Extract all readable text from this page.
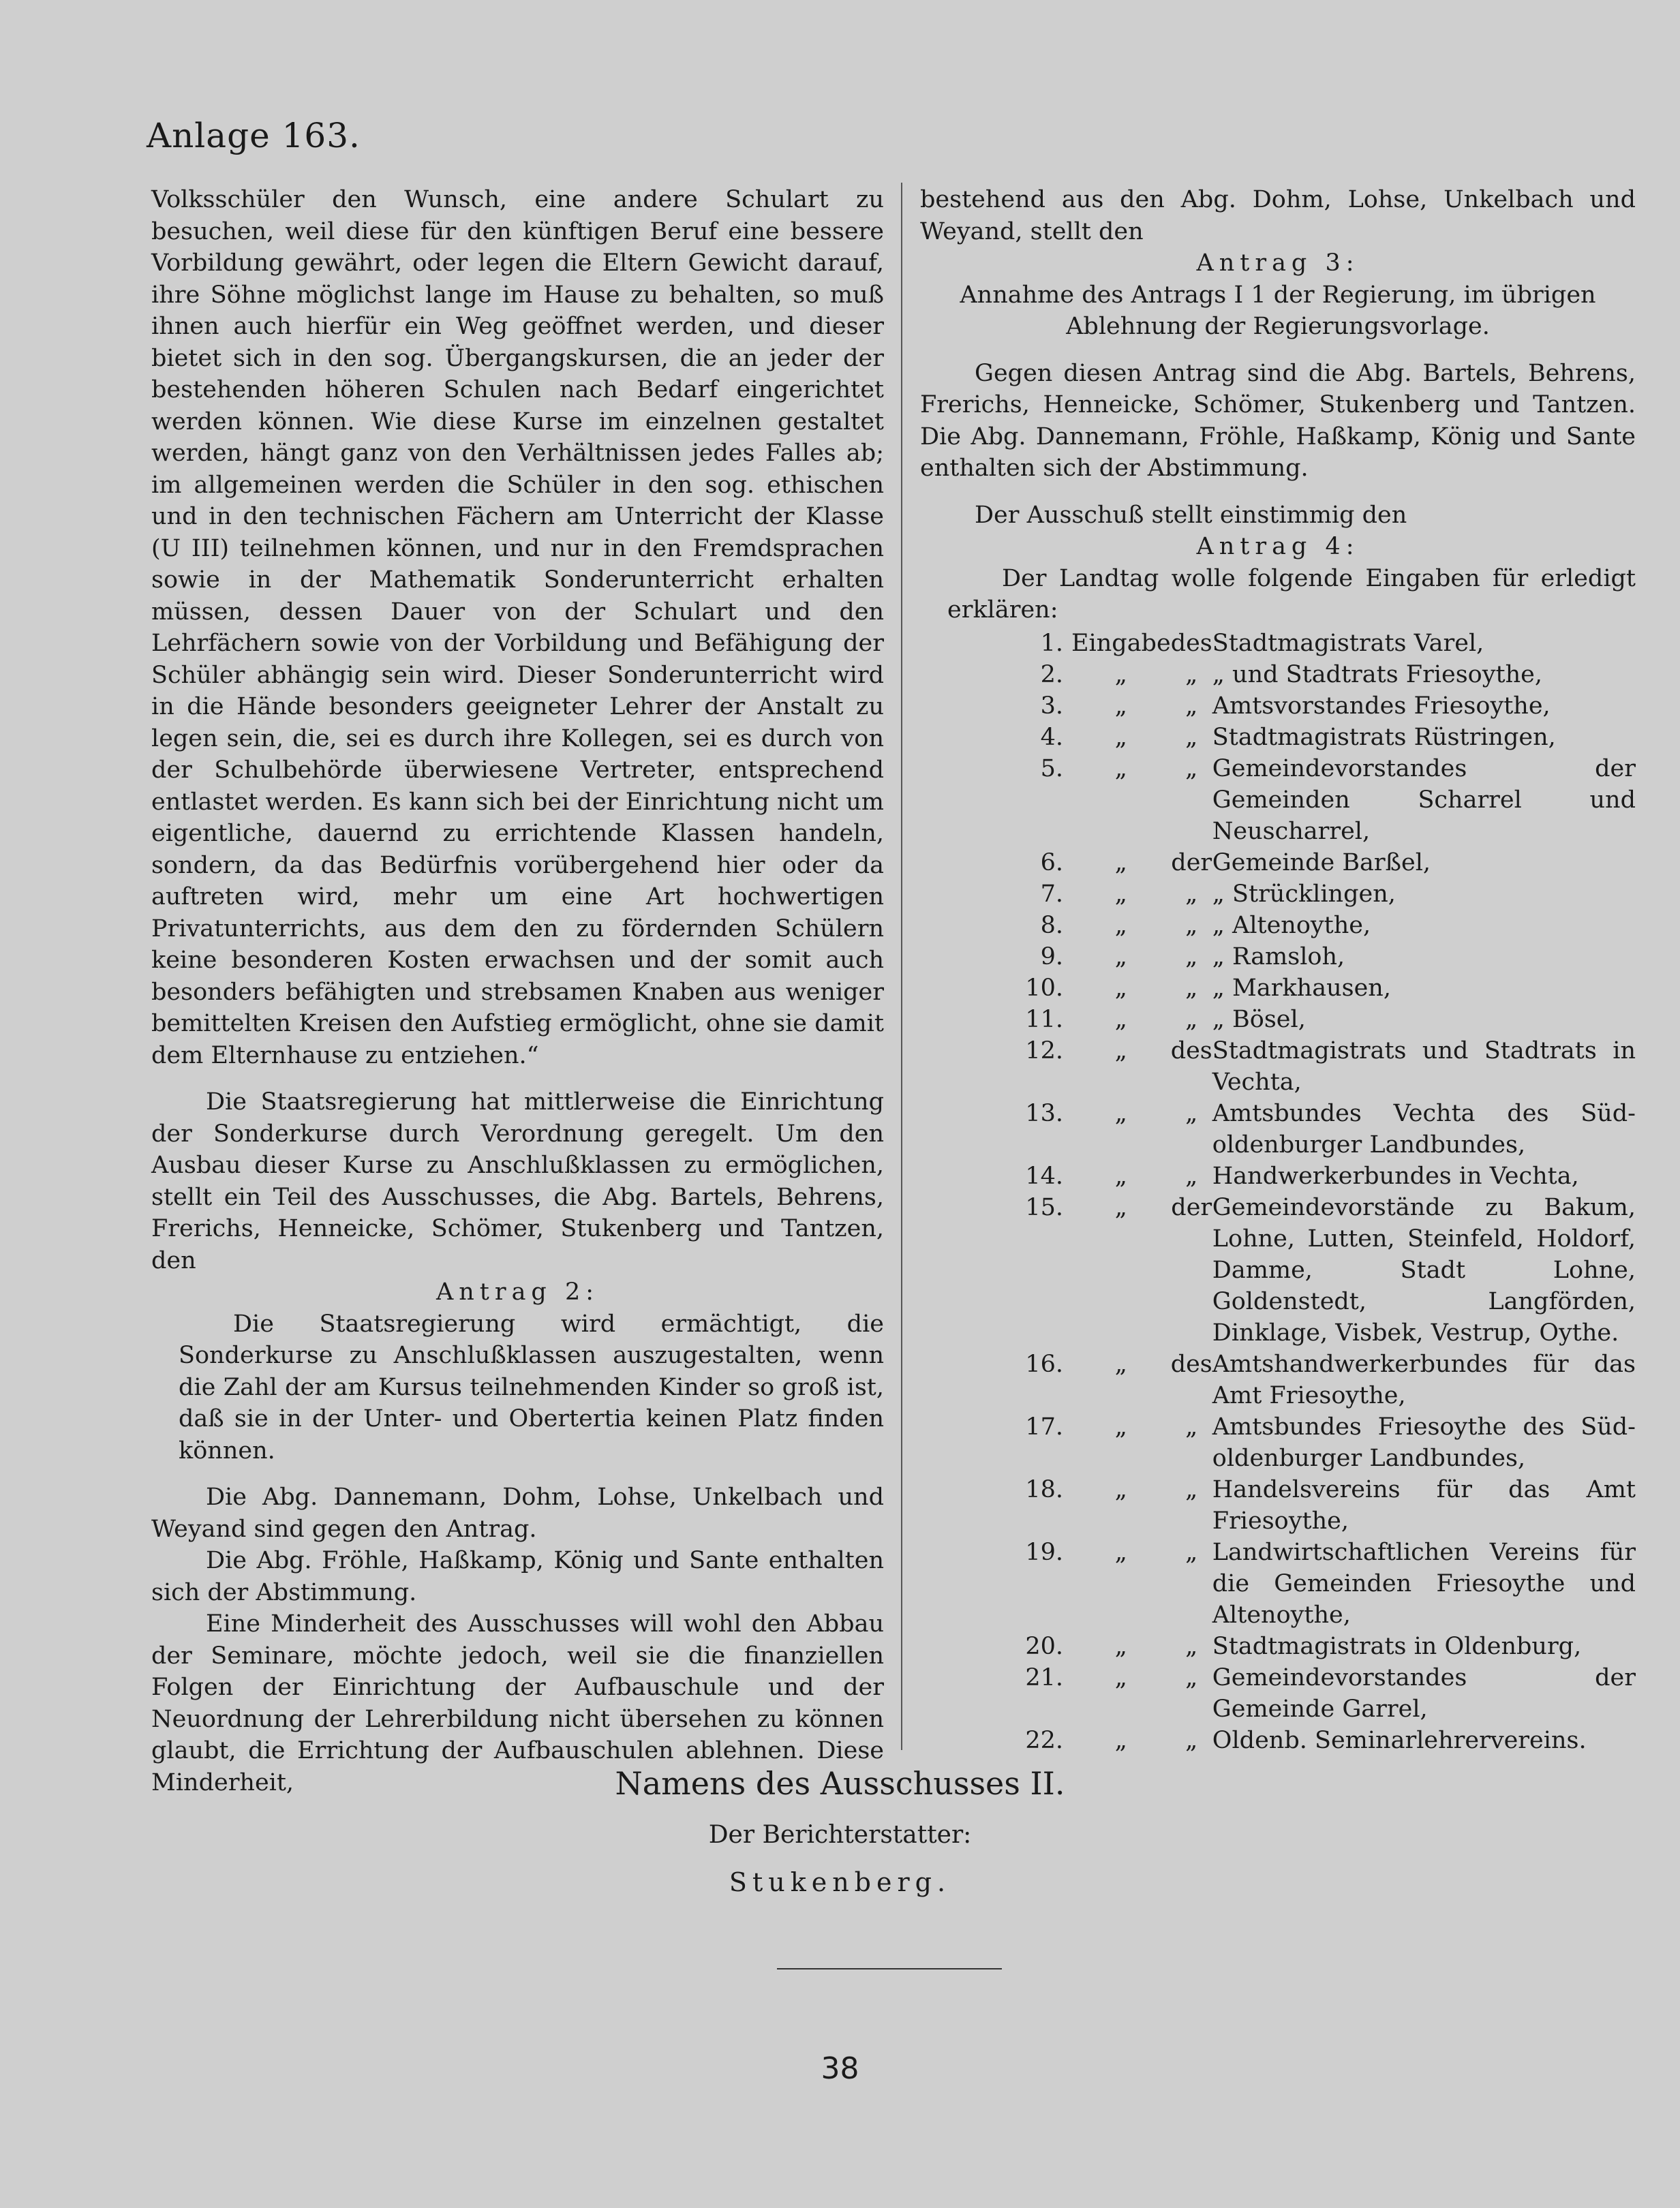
Anlage 163.

Volksschüler den Wunsch, eine andere Schulart zu besuchen, weil diese für den künftigen Beruf eine bessere Vorbildung gewährt, oder legen die Eltern Gewicht darauf, ihre Söhne möglichst lange im Hause zu behalten, so muß ihnen auch hierfür ein Weg geöffnet werden, und dieser bietet sich in den sog. Übergangskursen, die an jeder der bestehenden höheren Schulen nach Bedarf eingerichtet werden können. Wie diese Kurse im einzelnen gestaltet werden, hängt ganz von den Verhältnissen jedes Falles ab; im allgemeinen werden die Schüler in den sog. ethischen und in den technischen Fächern am Unterricht der Klasse (U III) teilnehmen können, und nur in den Fremdsprachen sowie in der Mathematik Sonderunterricht erhalten müssen, dessen Dauer von der Schulart und den Lehrfächern sowie von der Vorbildung und Befähigung der Schüler abhängig sein wird. Dieser Sonderunterricht wird in die Hände besonders geeigneter Lehrer der Anstalt zu legen sein, die, sei es durch ihre Kollegen, sei es durch von der Schulbehörde überwiesene Vertreter, entsprechend entlastet werden. Es kann sich bei der Einrichtung nicht um eigentliche, dauernd zu errichtende Klassen handeln, sondern, da das Bedürfnis vorübergehend hier oder da auftreten wird, mehr um eine Art hochwertigen Privatunterrichts, aus dem den zu fördernden Schülern keine besonderen Kosten erwachsen und der somit auch besonders befähigten und strebsamen Knaben aus weniger bemittelten Kreisen den Aufstieg ermöglicht, ohne sie damit dem Elternhause zu entziehen.“

Die Staatsregierung hat mittlerweise die Einrichtung der Sonderkurse durch Verordnung geregelt. Um den Ausbau dieser Kurse zu Anschlußklassen zu ermöglichen, stellt ein Teil des Ausschusses, die Abg. Bartels, Behrens, Frerichs, Henneicke, Schömer, Stukenberg und Tantzen, den

Antrag 2:

Die Staatsregierung wird ermächtigt, die Sonderkurse zu Anschlußklassen auszugestalten, wenn die Zahl der am Kursus teilnehmenden Kinder so groß ist, daß sie in der Unter- und Obertertia keinen Platz finden können.

Die Abg. Dannemann, Dohm, Lohse, Unkelbach und Weyand sind gegen den Antrag.

Die Abg. Fröhle, Haßkamp, König und Sante enthalten sich der Abstimmung.

Eine Minderheit des Ausschusses will wohl den Abbau der Seminare, möchte jedoch, weil sie die finanziellen Folgen der Einrichtung der Aufbauschule und der Neuordnung der Lehrerbildung nicht übersehen zu können glaubt, die Errichtung der Aufbauschulen ablehnen. Diese Minderheit,

bestehend aus den Abg. Dohm, Lohse, Unkelbach und Weyand, stellt den

Antrag 3:

Annahme des Antrags I 1 der Regierung, im übrigen Ablehnung der Regierungsvorlage.

Gegen diesen Antrag sind die Abg. Bartels, Behrens, Frerichs, Henneicke, Schömer, Stukenberg und Tantzen. Die Abg. Dannemann, Fröhle, Haßkamp, König und Sante enthalten sich der Abstimmung.

Der Ausschuß stellt einstimmig den

Antrag 4:

Der Landtag wolle folgende Eingaben für erledigt erklären:

1.	Eingabe	des	Stadtmagistrats Varel,
2.	„	„	„ und Stadtrats Friesoythe,
3.	„	„	Amtsvorstandes Friesoythe,
4.	„	„	Stadtmagistrats Rüstringen,
5.	„	„	Gemeindevorstandes der Gemeinden Scharrel und Neuscharrel,
6.	„	der	Gemeinde Barßel,
7.	„	„	„ Strücklingen,
8.	„	„	„ Altenoythe,
9.	„	„	„ Ramsloh,
10.	„	„	„ Markhausen,
11.	„	„	„ Bösel,
12.	„	des	Stadtmagistrats und Stadtrats in Vechta,
13.	„	„	Amtsbundes Vechta des Süd-oldenburger Landbundes,
14.	„	„	Handwerkerbundes in Vechta,
15.	„	der	Gemeindevorstände zu Bakum, Lohne, Lutten, Steinfeld, Holdorf, Damme, Stadt Lohne, Goldenstedt, Langförden, Dinklage, Visbek, Vestrup, Oythe.
16.	„	des	Amtshandwerkerbundes für das Amt Friesoythe,
17.	„	„	Amtsbundes Friesoythe des Süd-oldenburger Landbundes,
18.	„	„	Handelsvereins für das Amt Friesoythe,
19.	„	„	Landwirtschaftlichen Vereins für die Gemeinden Friesoythe und Altenoythe,
20.	„	„	Stadtmagistrats in Oldenburg,
21.	„	„	Gemeindevorstandes der Gemeinde Garrel,
22.	„	„	Oldenb. Seminarlehrervereins.
Namens des Ausschusses II.
Der Berichterstatter:
Stukenberg.
38
